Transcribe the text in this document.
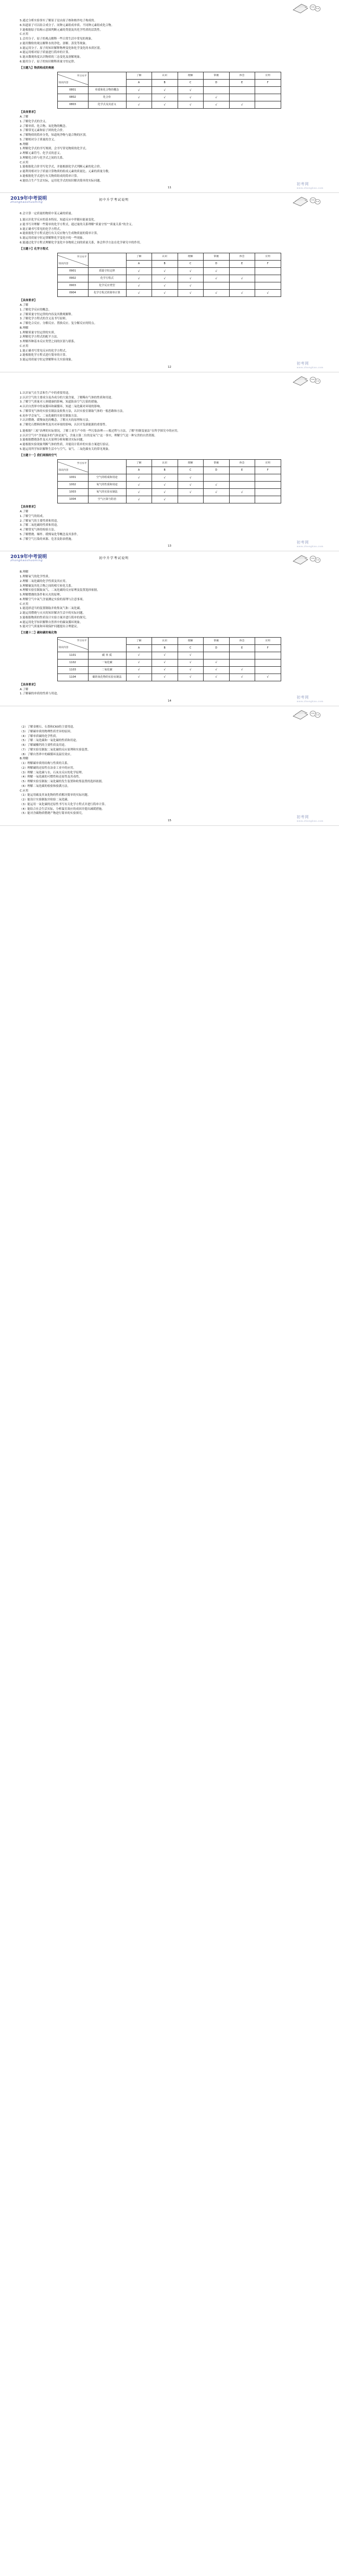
5.通过分析实验事实了解原子是由原子核和核外电子构成的。

6.知道原子可以结合成分子、同种元素组成单质、不同种元素组成化合物。

7.能根据原子结构示意图判断元素的类别及其化学性质的活泼性。

C.应用

1.会用分子、原子的观点解释一些日常生活中常见的现象。

2.能用微粒的观点解释水的净化、溶解、蒸发等现象。

3.能运用分子、原子的知识解释物理变化和化学变化的本质区别。

4.能运用相对原子质量进行简单的计算。

5.能从微观角度认识物质的三态变化及溶解现象。

6.能用分子、原子的知识解释质量守恒定律。

【主题九】物质构成的奥秘

学习水平
知识内容		了解	认识	理解	掌握	体会	应用
		A	B	C	D	E	F
0801	单质和化合物的概念	√	√	√			
0802	化合价	√	√	√	√		
0803	化学式及其意义	√	√	√	√	√	

【具体要求】

A.了解

1.了解化学式的含义。

2.了解单质、化合物、氧化物的概念。

3.了解常见元素和原子团的化合价。

4.了解物质的简单分类，知道纯净物与混合物的区别。

5.了解相对分子质量的含义。

B.理解

1.理解化学式的书写规则，会书写常见物质的化学式。

2.理解元素符号、化学式的意义。

3.理解化合价与化学式之间的关系。

C.应用

1.能根据化合价书写化学式，并能根据化学式判断元素的化合价。

2.能利用相对分子质量计算物质的组成元素的质量比、元素的质量分数。

3.能根据化学式进行有关物质组成的简单计算。

4.能结合生产生活实际，运用化学式的知识解决简单的实际问题。

11
初考网
www.zhongkao.com
2019年中考说明
zhongkaoshuoming
初中升学考试说明

6.会计算一定质量的物质中某元素的质量。

1.能认识化学反应的基本特征，知道反应中伴随有能量变化。

2.能书写并理解一些简单的化学方程式，通过量的关系理解“质量守恒”“质量关系”的含义。

3.能正确书写常见的化学方程式。

4.能依据化学方程式进行有关反应物与生成物质量的简单计算。

5.能运用质量守恒定律解释化学变化中的一些现象。

6.能通过化学方程式理解化学变化中各物质之间的质量关系，体会科学方法在化学研究中的作用。

【主题十】化学方程式

学习水平
知识内容		了解	认识	理解	掌握	体会	应用
		A	B	C	D	E	F
0901	质量守恒定律	√	√	√	√		
0902	化学方程式	√	√	√	√	√	
0903	化学反应类型	√	√	√			
0904	化学方程式的简单计算	√	√	√	√	√	√

【具体要求】

A.了解

1.了解化学反应的概念。

2.了解质量守恒定律的内容及其微观解释。

3.了解化学方程式的含义及书写原则。

4.了解化合反应、分解反应、置换反应、复分解反应的特点。

B.理解

1.理解质量守恒定律的实质。

2.理解化学方程式的配平方法。

3.理解四种基本反应类型之间的区别与联系。

C.应用

1.能正确书写常见反应的化学方程式。

2.能根据化学方程式进行简单的计算。

3.能运用质量守恒定律解释有关实验现象。

12
初考网
www.zhongkao.com

1.认识氧气在生活和生产中的重要用途。

2.认识空气的主要成分及各成分的大致含量，了解稀有气体的性质和用途。

3.了解空气质量对人体健康的影响，知道防治空气污染的措施。

4.认识自然界中的氧循环和碳循环，知道二氧化碳对环境的影响。

5.了解常见气体的实验室制法及收集方法，认识实验室制取气体的一般思路和方法。

6.初步学会氧气、二氧化碳的实验室制取方法。

7.认识燃烧、缓慢氧化的概念，了解灭火的原理和方法。

8.了解化石燃料的种类及其对环境的影响，认识开发新能源的重要性。

1.能根据“三废”治理的实际情况，了解工业生产中的一些污染治理——般过程与方法，了解“控制变量法”在科学探究中的应用。

2.认识空气中“含量最多的气体是氮气，含量占第二位的是氧气”这一事实，理解空气是一种宝贵的自然资源。

3.能根据燃烧条件及灭火原理分析和解决实际问题。

4.能根据实验现象判断气体的性质，并能设计简单的实验方案进行验证。

5.能运用所学知识解释生活中与空气、氧气、二氧化碳有关的常见现象。

【主题十一】我们周围的空气

学习水平
知识内容		了解	认识	理解	掌握	体会	应用
		A	B	C	D	E	F
1001	空气的组成和用途	√	√	√			
1002	氧气的性质和用途	√	√	√	√		
1003	氧气的实验室制法	√	√	√	√	√	
1004	空气污染与防治	√	√				

【具体要求】

A.了解

1.了解空气的组成。

2.了解氧气的主要性质和用途。

3.了解二氧化碳的性质和用途。

4.了解常见气体的检验方法。

5.了解燃烧、爆炸、缓慢氧化等概念及其条件。

6.了解空气污染的来源、危害及防治措施。

13
初考网
www.zhongkao.com
2019年中考说明
zhongkaoshuoming
初中升学考试说明

B.理解

1.理解氧气的化学性质。

2.理解二氧化碳的化学性质及其应用。

3.理解碳及其化合物之间的相互转化关系。

4.理解实验室制取氧气、二氧化碳的反应原理及装置选择依据。

5.理解燃烧的条件和灭火的原理。

6.理解空气中氧气含量测定实验的原理与注意事项。

C.应用

1.能选择适当的装置制取并收集氧气和二氧化碳。

2.能运用燃烧与灭火的知识解决生活中的实际问题。

3.能根据物质的性质设计实验方案并进行简单的探究。

4.能运用化学知识解释自然界中的碳氧循环现象。

5.能对空气质量和环境保护问题提出合理建议。

【主题十二】碳和碳的氧化物

学习水平
知识内容		了解	认识	理解	掌握	体会	应用
		A	B	C	D	E	F
1101	碳 单 质	√	√	√			
1102	一氧化碳	√	√	√	√		
1103	二氧化碳	√	√	√	√	√	
1104	碳的氧化物的实验室制法	√	√	√	√	√	√

【具体要求】

A.了解

1.了解碳的单质的性质与用途。

14
初考网
www.zhongkao.com

（2）了解金刚石、石墨和C60的主要用途。

（3）了解碳单质的物理性质差异的原因。

（4）了解单质碳的化学性质。

（5）了解二氧化碳和一氧化碳的性质和用途。

（6）了解碳酸钙的主要性质及用途。

（7）了解实验室制取二氧化碳的反应原理和实验装置。

（8）了解自然界中的碳循环及温室效应。

B.理解

（1）理解碳单质的结构与性质的关系。

（2）理解碳的还原性在冶金工业中的应用。

（3）理解二氧化碳与水、石灰水反应的化学原理。

（4）理解一氧化碳的可燃性和还原性及其毒性。

（5）理解实验室制取二氧化碳的发生装置和收集装置的选择依据。

（6）理解二氧化碳的检验和验满方法。

C.应用

（1）能运用碳及其氧化物的性质解决简单的实际问题。

（2）能设计实验制取并检验二氧化碳。

（3）能运用一氧化碳的还原性书写有关化学方程式并进行简单计算。

（4）能结合社会生活实际，分析温室效应的成因并提出减缓措施。

（5）能对含碳物质燃烧产物进行简单的实验探究。

15
初考网
www.zhongkao.com
